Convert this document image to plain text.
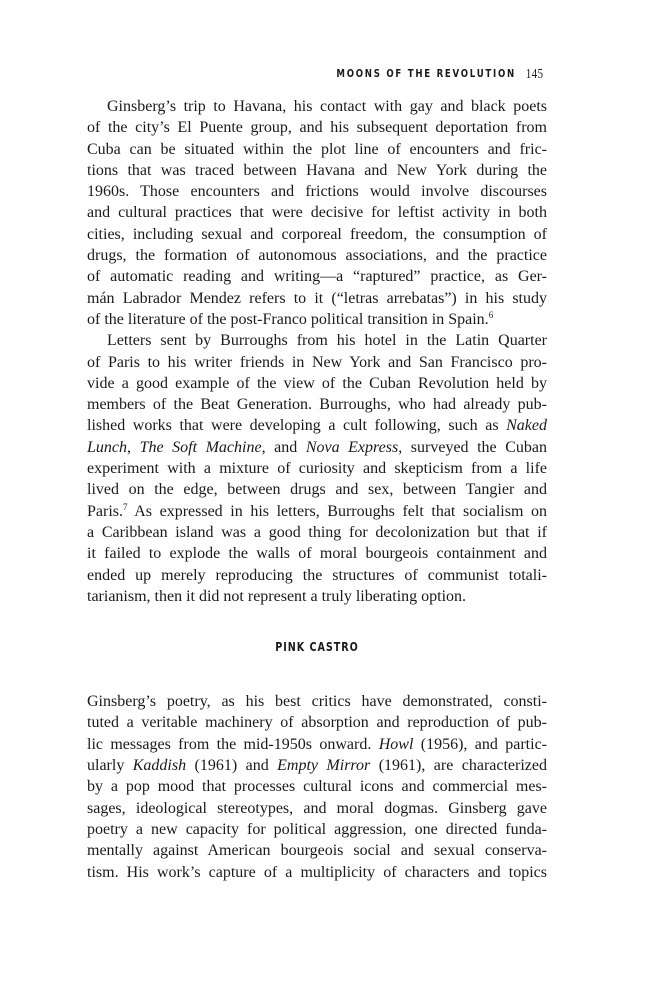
MOONS OF THE REVOLUTION 145
Ginsberg’s trip to Havana, his contact with gay and black poets
of the city’s El Puente group, and his subsequent deportation from
Cuba can be situated within the plot line of encounters and fric-
tions that was traced between Havana and New York during the
1960s. Those encounters and frictions would involve discourses
and cultural practices that were decisive for leftist activity in both
cities, including sexual and corporeal freedom, the consumption of
drugs, the formation of autonomous associations, and the practice
of automatic reading and writing—a “raptured” practice, as Ger-
mán Labrador Mendez refers to it (“letras arrebatas”) in his study
of the literature of the post-Franco political transition in Spain.$^6$
Letters sent by Burroughs from his hotel in the Latin Quarter
of Paris to his writer friends in New York and San Francisco pro-
vide a good example of the view of the Cuban Revolution held by
members of the Beat Generation. Burroughs, who had already pub-
lished works that were developing a cult following, such as Naked
Lunch, The Soft Machine, and Nova Express, surveyed the Cuban
experiment with a mixture of curiosity and skepticism from a life
lived on the edge, between drugs and sex, between Tangier and
Paris.$^7$ As expressed in his letters, Burroughs felt that socialism on
a Caribbean island was a good thing for decolonization but that if
it failed to explode the walls of moral bourgeois containment and
ended up merely reproducing the structures of communist totali-
tarianism, then it did not represent a truly liberating option.
PINK CASTRO
Ginsberg’s poetry, as his best critics have demonstrated, consti-
tuted a veritable machinery of absorption and reproduction of pub-
lic messages from the mid-1950s onward. Howl (1956), and partic-
ularly Kaddish (1961) and Empty Mirror (1961), are characterized
by a pop mood that processes cultural icons and commercial mes-
sages, ideological stereotypes, and moral dogmas. Ginsberg gave
poetry a new capacity for political aggression, one directed funda-
mentally against American bourgeois social and sexual conserva-
tism. His work’s capture of a multiplicity of characters and topics
